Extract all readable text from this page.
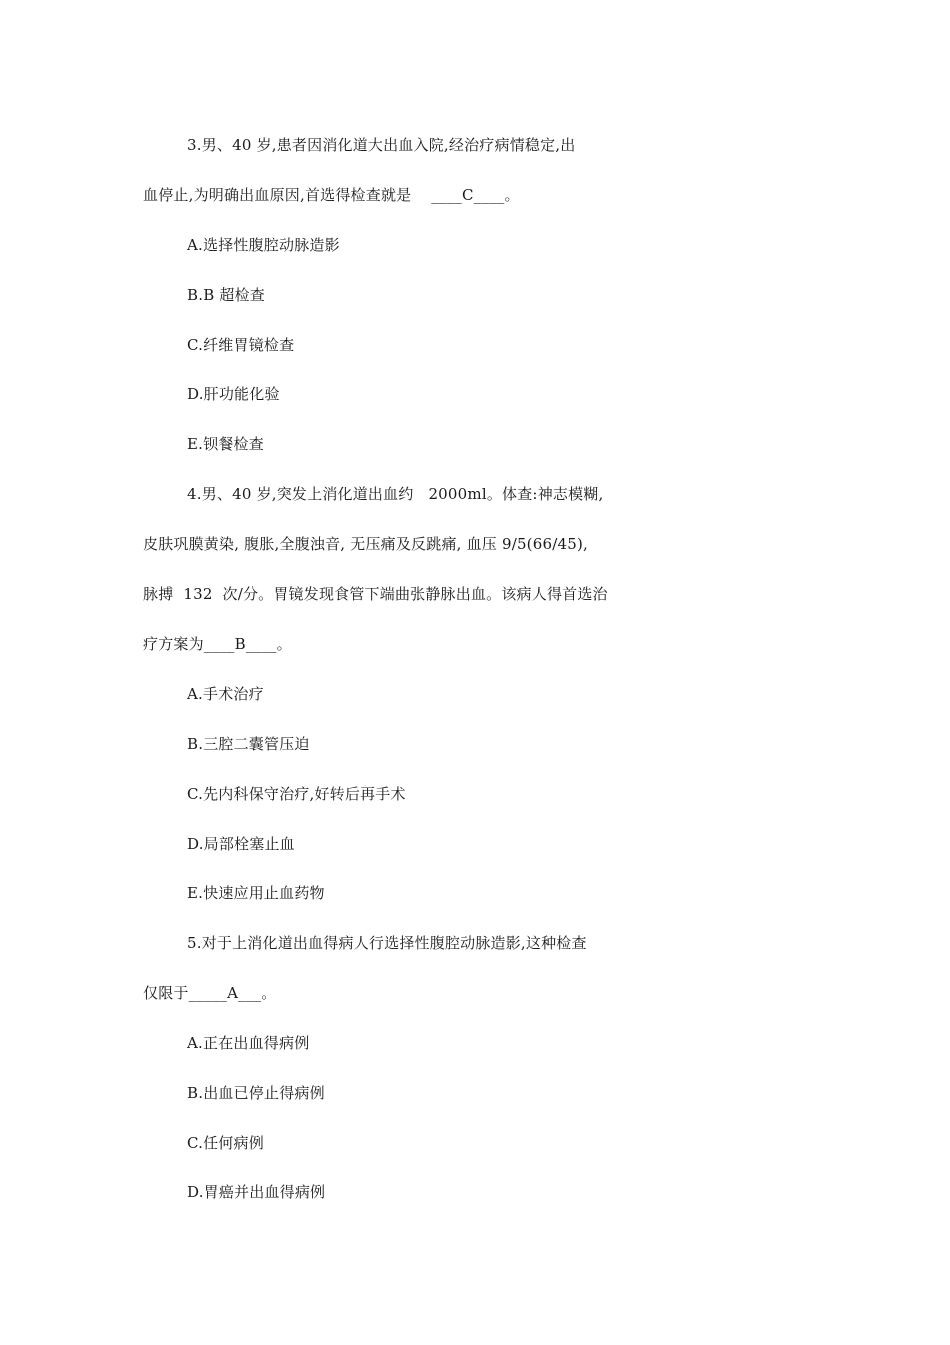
3.男、40 岁,患者因消化道大出血入院,经治疗病情稳定,出
血停止,为明确出血原因,首选得检查就是    ____C____。
A.选择性腹腔动脉造影
B.B 超检查
C.纤维胃镜检查
D.肝功能化验
E.钡餐检查
4.男、40 岁,突发上消化道出血约   2000ml。体查:神志模糊,
皮肤巩膜黄染, 腹胀,全腹浊音, 无压痛及反跳痛, 血压 9/5(66/45),
脉搏  132  次/分。胃镜发现食管下端曲张静脉出血。该病人得首选治
疗方案为____B____。
A.手术治疗
B.三腔二囊管压迫
C.先内科保守治疗,好转后再手术
D.局部栓塞止血
E.快速应用止血药物
5.对于上消化道出血得病人行选择性腹腔动脉造影,这种检查
仅限于_____A___。
A.正在出血得病例
B.出血已停止得病例
C.任何病例
D.胃癌并出血得病例
